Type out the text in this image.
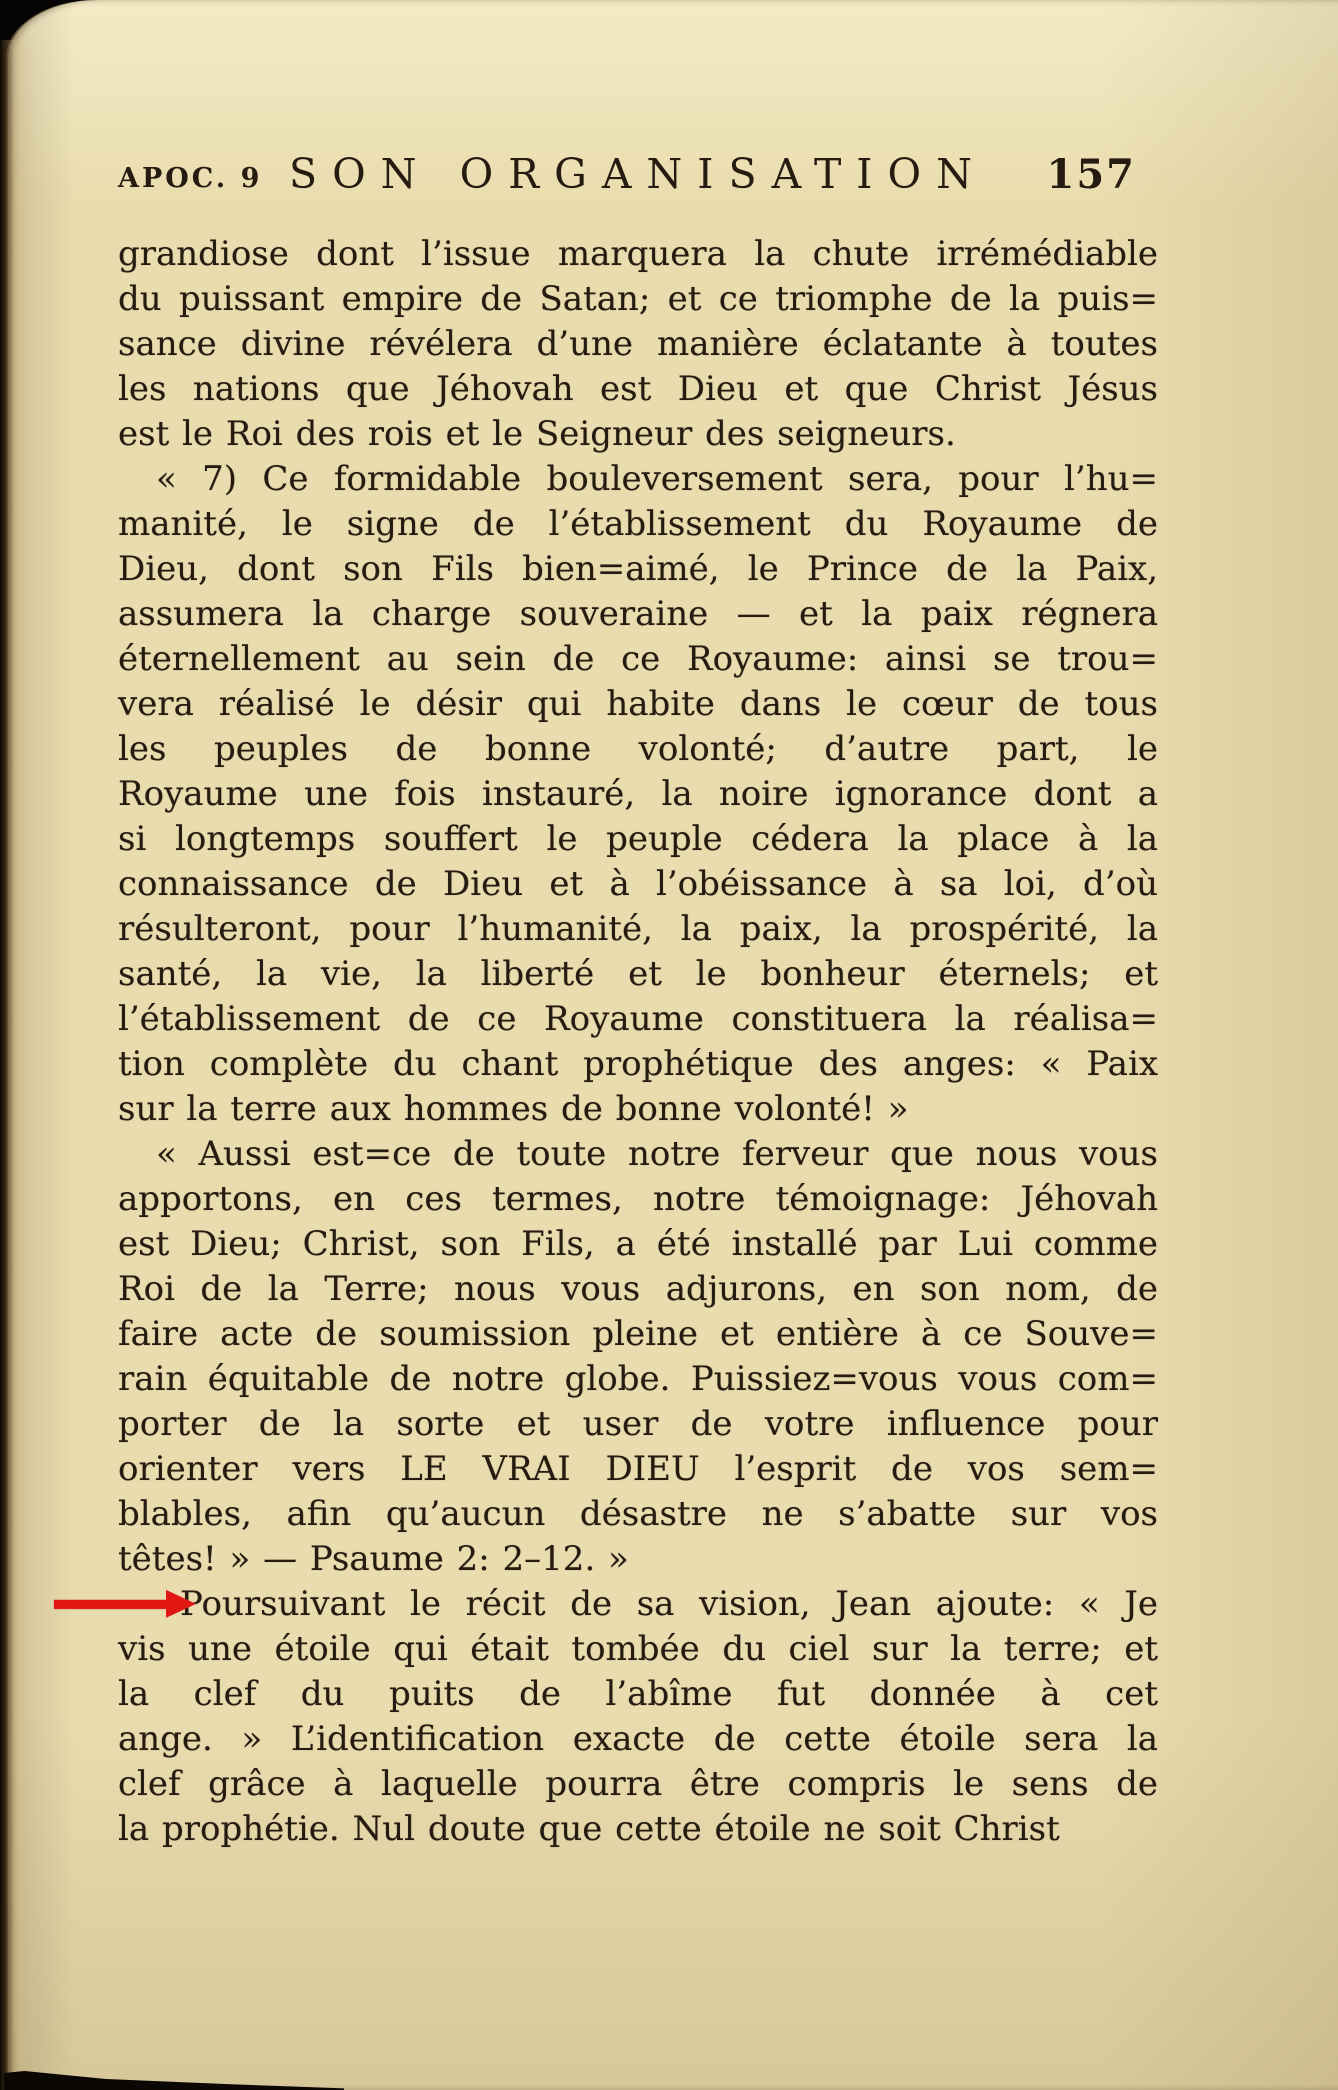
APOC. 9 SON ORGANISATION	157
grandiose dont l’issue marquera la chute irrémédiable
du puissant empire de Satan; et ce triomphe de la puis=
sance divine révélera d’une manière éclatante à toutes
les nations que Jéhovah est Dieu et que Christ Jésus
est le Roi des rois et le Seigneur des seigneurs.
« 7) Ce formidable bouleversement sera, pour l’hu=
manité, le signe de l’établissement du Royaume de
Dieu, dont son Fils bien=aimé, le Prince de la Paix,
assumera la charge souveraine — et la paix régnera
éternellement au sein de ce Royaume: ainsi se trou=
vera réalisé le désir qui habite dans le cœur de tous
les peuples de bonne volonté; d’autre part, le
Royaume une fois instauré, la noire ignorance dont a
si longtemps souffert le peuple cédera la place à la
connaissance de Dieu et à l’obéissance à sa loi, d’où
résulteront, pour l’humanité, la paix, la prospérité, la
santé, la vie, la liberté et le bonheur éternels; et
l’établissement de ce Royaume constituera la réalisa=
tion complète du chant prophétique des anges: « Paix
sur la terre aux hommes de bonne volonté! »
« Aussi est=ce de toute notre ferveur que nous vous
apportons, en ces termes, notre témoignage: Jéhovah
est Dieu; Christ, son Fils, a été installé par Lui comme
Roi de la Terre; nous vous adjurons, en son nom, de
faire acte de soumission pleine et entière à ce Souve=
rain équitable de notre globe. Puissiez=vous vous com=
porter de la sorte et user de votre influence pour
orienter vers LE VRAI DIEU l’esprit de vos sem=
blables, afin qu’aucun désastre ne s’abatte sur vos
têtes! » — Psaume 2: 2–12. »
Poursuivant le récit de sa vision, Jean ajoute: « Je
vis une étoile qui était tombée du ciel sur la terre; et
la clef du puits de l’abîme fut donnée à cet
ange. » L’identification exacte de cette étoile sera la
clef grâce à laquelle pourra être compris le sens de
la prophétie. Nul doute que cette étoile ne soit Christ
